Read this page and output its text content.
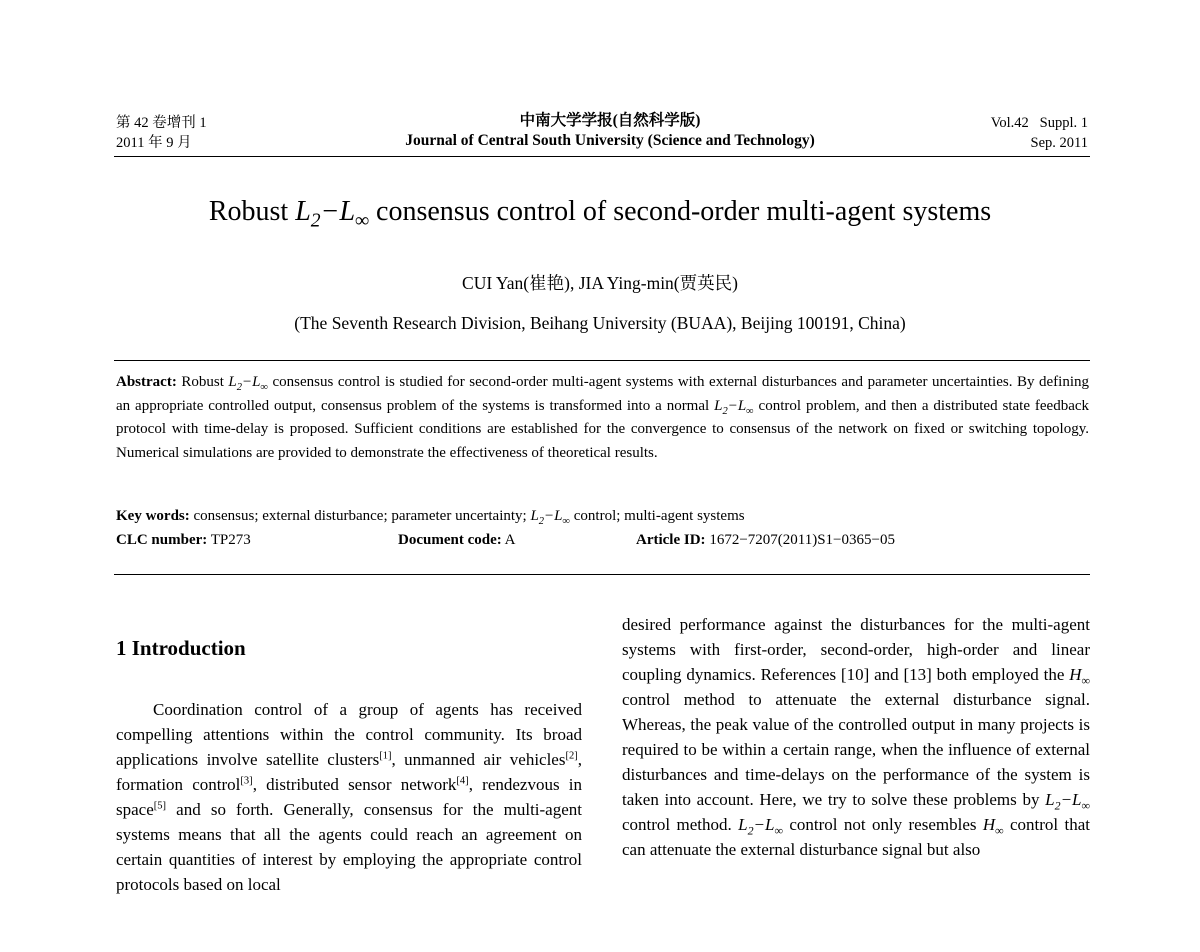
第 42 卷增刊 1
2011 年 9 月
中南大学学报(自然科学版)
Journal of Central South University (Science and Technology)
Vol.42   Suppl. 1
Sep. 2011
Robust $L_2-L_\infty$ consensus control of second-order multi-agent systems
CUI Yan(崔艳), JIA Ying-min(贾英民)
(The Seventh Research Division, Beihang University (BUAA), Beijing 100191, China)
Abstract: Robust $L_2-L_\infty$ consensus control is studied for second-order multi-agent systems with external disturbances and parameter uncertainties. By defining an appropriate controlled output, consensus problem of the systems is transformed into a normal $L_2-L_\infty$ control problem, and then a distributed state feedback protocol with time-delay is proposed. Sufficient conditions are established for the convergence to consensus of the network on fixed or switching topology. Numerical simulations are provided to demonstrate the effectiveness of theoretical results.
Key words: consensus; external disturbance; parameter uncertainty; $L_2-L_\infty$ control; multi-agent systems
CLC number: TP273	Document code: A	Article ID: 1672−7207(2011)S1−0365−05
1 Introduction

Coordination control of a group of agents has received compelling attentions within the control community. Its broad applications involve satellite clusters[1], unmanned air vehicles[2], formation control[3], distributed sensor network[4], rendezvous in space[5] and so forth. Generally, consensus for the multi-agent systems means that all the agents could reach an agreement on certain quantities of interest by employing the appropriate control protocols based on local

desired performance against the disturbances for the multi-agent systems with first-order, second-order, high-order and linear coupling dynamics. References [10] and [13] both employed the $H_\infty$ control method to attenuate the external disturbance signal. Whereas, the peak value of the controlled output in many projects is required to be within a certain range, when the influence of external disturbances and time-delays on the performance of the system is taken into account. Here, we try to solve these problems by $L_2-L_\infty$ control method. $L_2-L_\infty$ control not only resembles $H_\infty$ control that can attenuate the external disturbance signal but also
